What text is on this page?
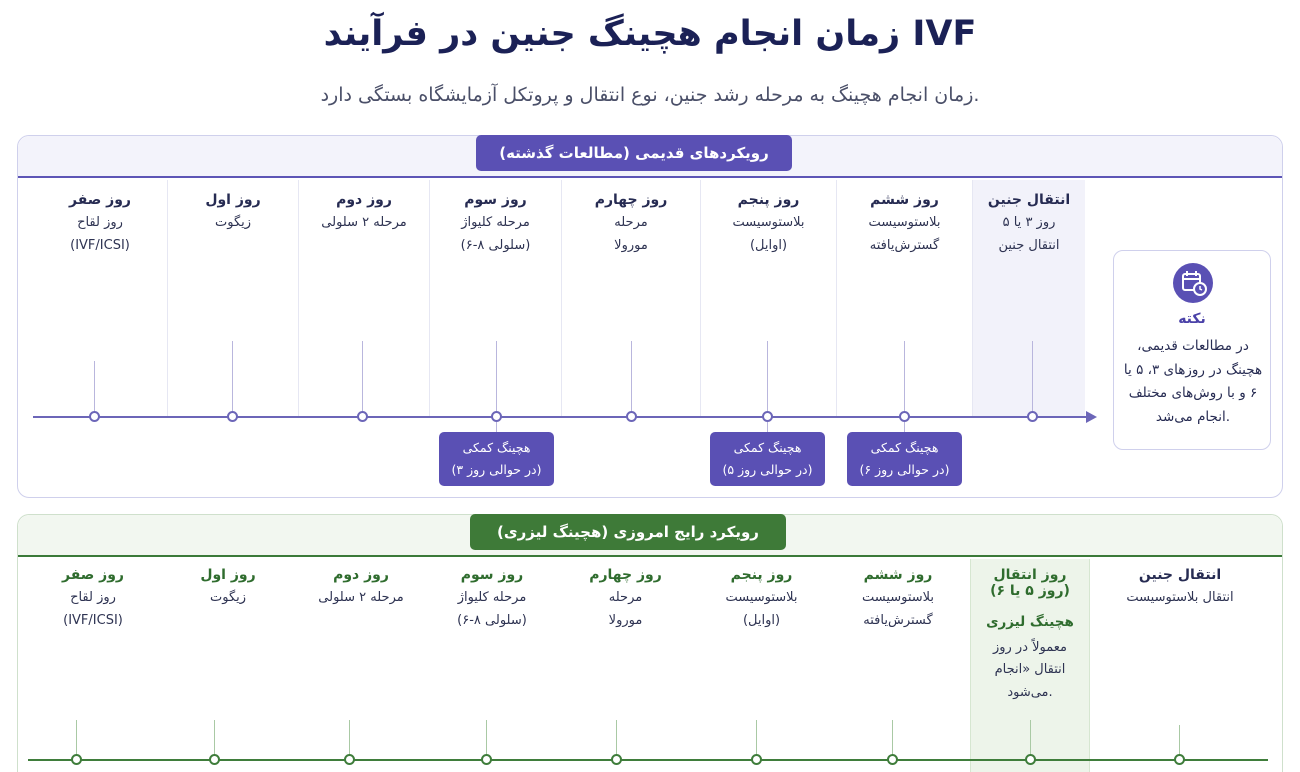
زمان انجام هچینگ جنین در فرآیند IVF
زمان انجام هچینگ به مرحله رشد جنین، نوع انتقال و پروتکل آزمایشگاه بستگی دارد.
رویکردهای قدیمی (مطالعات گذشته)
روز صفر
روز لقاح
(IVF/ICSI)
روز اول
زیگوت
روز دوم
مرحله ۲ سلولی
روز سوم
مرحله کلیواژ
(۶-۸ سلولی)
روز چهارم
مرحله
مورولا
روز پنجم
بلاستوسیست
(اوایل)
روز ششم
بلاستوسیست
گسترش‌یافته
انتقال جنین
روز ۳ یا ۵
انتقال جنین
هچینگ کمکی
(در حوالی روز ۳)
هچینگ کمکی
(در حوالی روز ۵)
هچینگ کمکی
(در حوالی روز ۶)
نکته
در مطالعات قدیمی، هچینگ در روزهای ۳، ۵ یا ۶ و با روش‌های مختلف انجام می‌شد.
رویکرد رایج امروزی (هچینگ لیزری)
روز صفر
روز لقاح
(IVF/ICSI)
روز اول
زیگوت
روز دوم
مرحله ۲ سلولی
روز سوم
مرحله کلیواژ
(۶-۸ سلولی)
روز چهارم
مرحله
مورولا
روز پنجم
بلاستوسیست
(اوایل)
روز ششم
بلاستوسیست
گسترش‌یافته
روز انتقال
(روز ۵ یا ۶)
هچینگ لیزری
معمولاً در روز انتقال «انجام می‌شود.
انتقال جنین
انتقال بلاستوسیست
